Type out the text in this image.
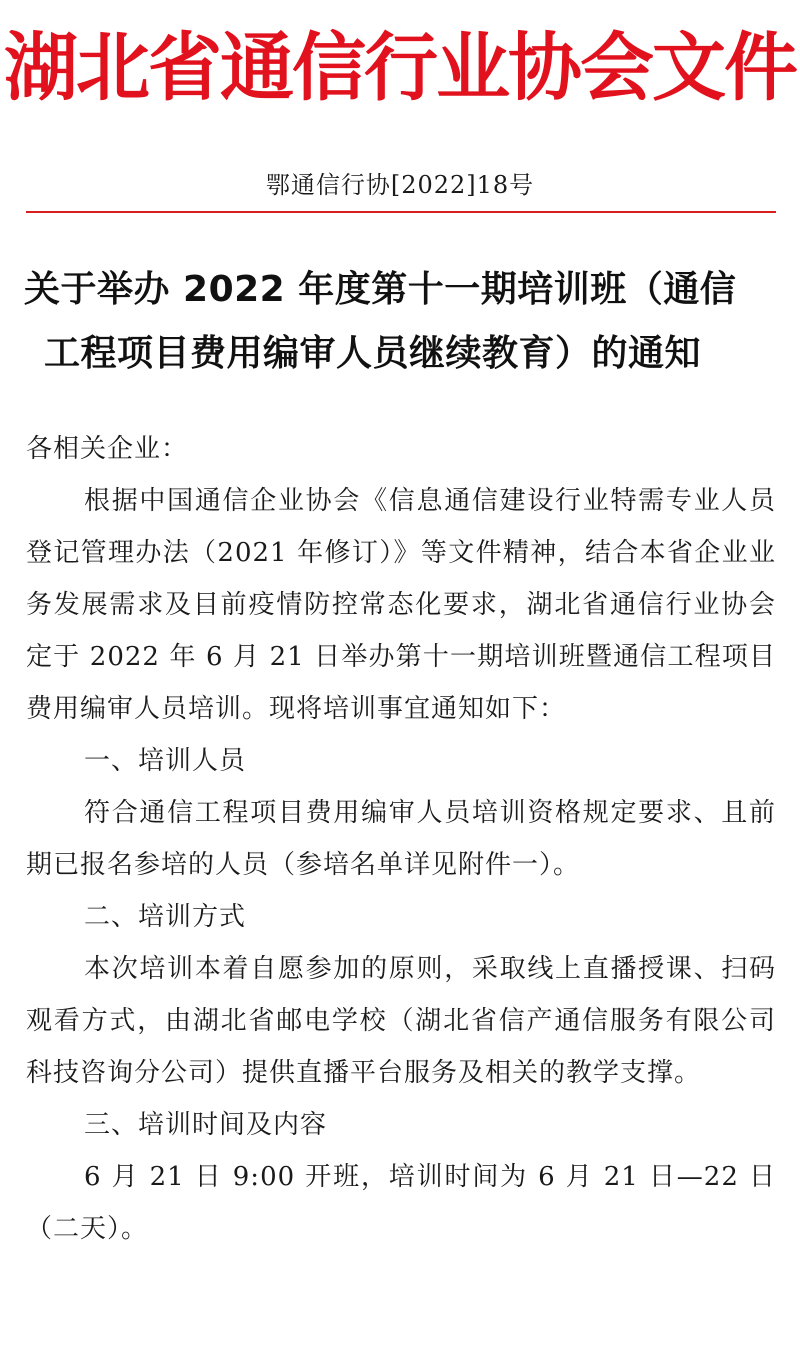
湖北省通信行业协会文件
鄂通信行协[2022]18号
关于举办 2022 年度第十一期培训班（通信
工程项目费用编审人员继续教育）的通知

各相关企业：

根据中国通信企业协会《信息通信建设行业特需专业人员登记管理办法（2021 年修订）》等文件精神，结合本省企业业务发展需求及目前疫情防控常态化要求，湖北省通信行业协会定于 2022 年 6 月 21 日举办第十一期培训班暨通信工程项目费用编审人员培训。现将培训事宜通知如下：

一、培训人员

符合通信工程项目费用编审人员培训资格规定要求、且前期已报名参培的人员（参培名单详见附件一）。

二、培训方式

本次培训本着自愿参加的原则，采取线上直播授课、扫码观看方式，由湖北省邮电学校（湖北省信产通信服务有限公司科技咨询分公司）提供直播平台服务及相关的教学支撑。

三、培训时间及内容

6 月 21 日 9:00 开班，培训时间为 6 月 21 日—22 日（二天）。
